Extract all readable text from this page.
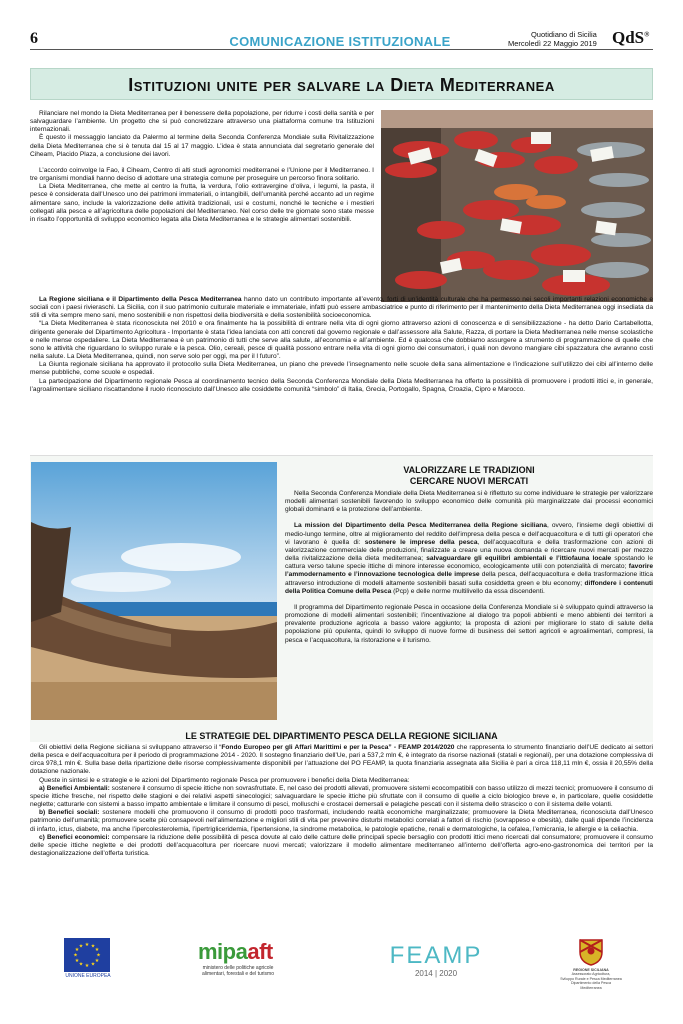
6	COMUNICAZIONE ISTITUZIONALE	Quotidiano di Sicilia
Mercoledì 22 Maggio 2019 QdS®
Istituzioni unite per salvare la Dieta Mediterranea

Rilanciare nel mondo la Dieta Mediterranea per il benessere della popolazione, per ridurre i costi della sanità e per salvaguardare l’ambiente. Un progetto che si può concretizzare attraverso una piattaforma comune tra Istituzioni internazionali.

È questo il messaggio lanciato da Palermo al termine della Seconda Conferenza Mondiale sulla Rivitalizzazione della Dieta Mediterranea che si è tenuta dal 15 al 17 maggio. L’idea è stata annunciata dal segretario generale del Ciheam, Placido Plaza, a conclusione dei lavori.

L’accordo coinvolge la Fao, il Ciheam, Centro di alti studi agronomici mediterranei e l’Unione per il Mediterraneo. I tre organismi mondiali hanno deciso di adottare una strategia comune per proseguire un percorso finora solitario.

La Dieta Mediterranea, che mette al centro la frutta, la verdura, l’olio extravergine d’oliva, i legumi, la pasta, il pesce è considerata dall’Unesco uno dei patrimoni immateriali, o intangibili, dell’umanità perché accanto ad un regime alimentare sano, include la valorizzazione delle attività tradizionali, usi e costumi, nonché le tecniche e i mestieri collegati alla pesca e all’agricoltura delle popolazioni del Mediterraneo. Nel corso delle tre giornate sono state messe in risalto l’opportunità di sviluppo economico legata alla Dieta Mediterranea e le strategie alimentari sostenibili.

La Regione siciliana e il Dipartimento della Pesca Mediterranea hanno dato un contributo importante all’evento, forti di un’identità culturale che ha permesso nei secoli importanti relazioni economiche e sociali con i paesi rivieraschi. La Sicilia, con il suo patrimonio culturale materiale e immateriale, infatti può essere ambasciatrice e punto di riferimento per il mantenimento della Dieta Mediterranea oggi insediata da stili di vita sempre meno sani, meno sostenibili e non rispettosi della biodiversità e della sostenibilità socioeconomica.

“La Dieta Mediterranea è stata riconosciuta nel 2010 e ora finalmente ha la possibilità di entrare nella vita di ogni giorno attraverso azioni di conoscenza e di sensibilizzazione - ha detto Dario Cartabellotta, dirigente generale del Dipartimento Agricoltura - Importante è stata l’idea lanciata con atti concreti dal governo regionale e dall’assessore alla Salute, Razza, di portare la Dieta Mediterranea nelle mense scolastiche e nelle mense ospedaliere. La Dieta Mediterranea è un patrimonio di tutti che serve alla salute, all’economia e all’ambiente. Ed è qualcosa che dobbiamo assurgere a strumento di programmazione di quelle che sono le attività che riguardano lo sviluppo rurale e la pesca. Olio, cereali, pesce di qualità possono entrare nella vita di ogni giorno dei consumatori, i quali non devono mangiare cibi spazzatura che avranno costi nella salute. La Dieta Mediterranea, quindi, non serve solo per oggi, ma per il l futuro”.

La Giunta regionale siciliana ha approvato il protocollo sulla Dieta Mediterranea, un piano che prevede l’insegnamento nelle scuole della sana alimentazione e l’indicazione sull’utilizzo dei cibi all’interno delle mense pubbliche, come scuole e ospedali.

La partecipazione del Dipartimento regionale Pesca al coordinamento tecnico della Seconda Conferenza Mondiale della Dieta Mediterranea ha offerto la possibilità di promuovere i prodotti ittici e, in generale, l’agroalimentare siciliano riscattandone il ruolo riconosciuto dall’Unesco alle cosiddette comunità “simbolo” di Italia, Grecia, Portogallo, Spagna, Croazia, Cipro e Marocco.

VALORIZZARE LE TRADIZIONI
CERCARE NUOVI MERCATI

Nella Seconda Conferenza Mondiale della Dieta Mediterranea si è riflettuto su come individuare le strategie per valorizzare modelli alimentari sostenibili favorendo lo sviluppo economico delle comunità più marginalizzate dai processi economici globali dominanti e la protezione dell’ambiente.

La mission del Dipartimento della Pesca Mediterranea della Regione siciliana, ovvero, l’insieme degli obiettivi di medio-lungo termine, oltre al miglioramento del reddito dell’impresa della pesca e dell’acquacoltura e di tutti gli operatori che vi lavorano è quella di: sostenere le imprese della pesca, dell’acquacoltura e della trasformazione con azioni di valorizzazione commerciale delle produzioni, finalizzate a creare una nuova domanda e ricercare nuovi mercati per mezzo della rivitalizzazione della dieta mediterranea; salvaguardare gli equilibri ambientali e l’ittiofauna locale spostando le cattura verso talune specie ittiche di minore interesse economico, ecologicamente utili con potenzialità di mercato; favorire l’ammodernamento e l’innovazione tecnologica delle imprese della pesca, dell’acquacoltura e della trasformazione ittica attraverso introduzione di modelli altamente sostenibili basati sulla cosiddetta green e blu economy; diffondere i contenuti della Politica Comune della Pesca (Pcp) e delle norme multilivello da essa discendenti.

Il programma del Dipartimento regionale Pesca in occasione della Conferenza Mondiale si è sviluppato quindi attraverso la promozione di modelli alimentari sostenibili; l’incentivazione al dialogo tra popoli abbienti e meno abbienti dei territori a prevalente produzione agricola a basso valore aggiunto; la proposta di azioni per migliorare lo stato di salute della popolazione più opulenta, quindi lo sviluppo di nuove forme di business dei settori agricoli e agroalimentari, compresi, la pesca e l’acquacoltura, la ristorazione e il turismo.

LE STRATEGIE DEL DIPARTIMENTO PESCA DELLA REGIONE SICILIANA

Gli obiettivi della Regione siciliana si sviluppano attraverso il “Fondo Europeo per gli Affari Marittimi e per la Pesca” - FEAMP 2014/2020 che rappresenta lo strumento finanziario dell’UE dedicato ai settori della pesca e dell’acquacoltura per il periodo di programmazione 2014 - 2020. Il sostegno finanziario dell’Ue, pari a 537,2 mln €, è integrato da risorse nazionali (statali e regionali), per una dotazione complessiva di circa 978,1 mln €. Sulla base della ripartizione delle risorse complessivamente disponibili per l’attuazione del PO FEAMP, la quota finanziaria assegnata alla Sicilia è pari a circa 118,11 mln €, ossia il 20,55% della dotazione nazionale.

Queste in sintesi le e strategie e le azioni del Dipartimento regionale Pesca per promuovere i benefici della Dieta Mediterranea:

a) Benefici Ambientali: sostenere il consumo di specie ittiche non sovrasfruttate. E, nel caso dei prodotti allevati, promuovere sistemi ecocompatibili con basso utilizzo di mezzi tecnici; promuovere il consumo di specie ittiche fresche, nel rispetto delle stagioni e dei relativi aspetti sinecologici; salvaguardare le specie ittiche più sfruttate con il consumo di quelle a ciclo biologico breve e, in particolare, quelle cosiddette neglette; catturarle con sistemi a basso impatto ambientale e limitare il consumo di pesci, molluschi e crostacei demersali e pelagiche pescati con il sistema dello strascico o con il sistema delle volanti.

b) Benefici sociali: sostenere modelli che promuovono il consumo di prodotti poco trasformati, includendo realtà economiche marginalizzate; promuovere la Dieta Mediterranea, riconosciuta dall’Unesco patrimonio dell’umanità; promuovere scelte più consapevoli nell’alimentazione e migliori stili di vita per prevenire disturbi metabolici correlati a fattori di rischio (sovrappeso e obesità), dalle quali dipende l’incidenza di infarto, ictus, diabete, ma anche l’ipercolesterolemia, l’ipertrigliceridemia, l’ipertensione, la sindrome metabolica, le patologie epatiche, renali e dermatologiche, la cefalea, l’emicrania, le allergie e la celiachia.

c) Benefici economici: compensare la riduzione delle possibilità di pesca dovute al calo delle catture delle principali specie bersaglio con prodotti ittici meno ricercati dal consumatore; promuovere il consumo delle specie ittiche neglette e dei prodotti dell’acquacoltura per ricercare nuovi mercati; valorizzare il modello alimentare mediterraneo all’interno dell’offerta agro-eno-gastronomica dei territori per la destagionalizzazione dell’offerta turistica.

★ ★
★
★
★
★
★
★
★
★
★
★
UNIONE EUROPEA
mipaaft
ministero delle politiche agricole
alimentari, forestali e del turismo
FEAMP
2014 | 2020	REGIONE SICILIANA
Assessorato Agricoltura,
Sviluppo Rurale e Pesca Mediterranea
Dipartimento della Pesca Mediterranea
